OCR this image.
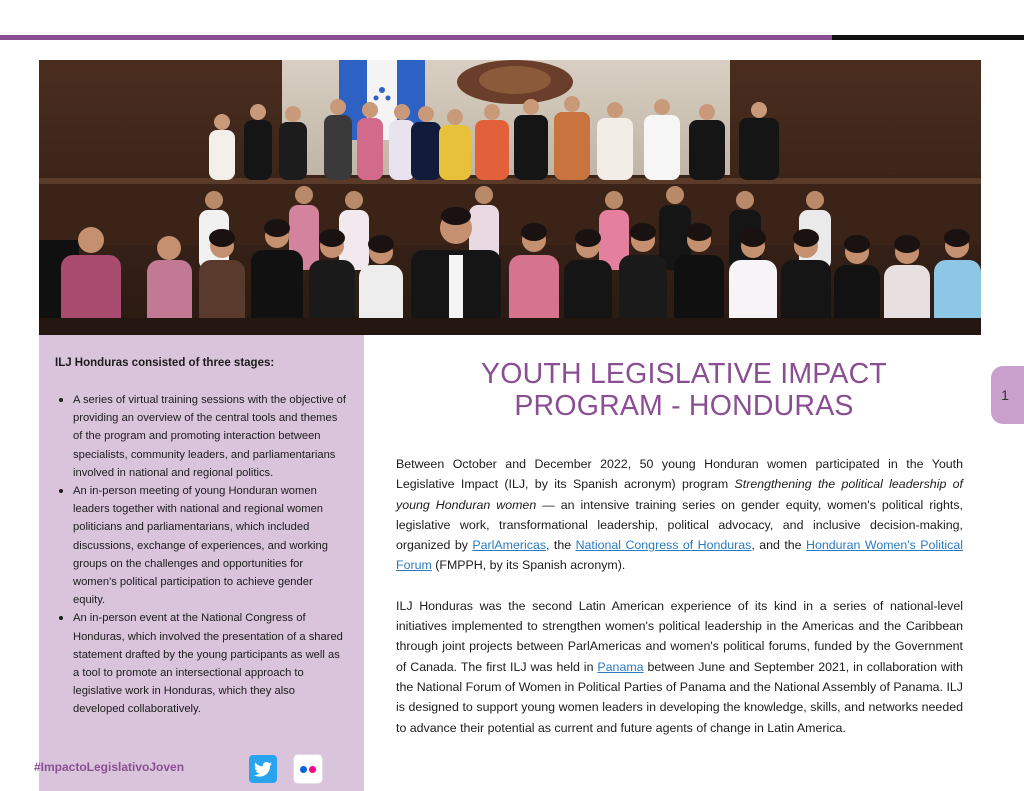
ILJ Honduras consisted of three stages:
A series of virtual training sessions with the objective of providing an overview of the central tools and themes of the program and promoting interaction between specialists, community leaders, and parliamentarians involved in national and regional politics.
An in-person meeting of young Honduran women leaders together with national and regional women politicians and parliamentarians, which included discussions, exchange of experiences, and working groups on the challenges and opportunities for women's political participation to achieve gender equity.
An in-person event at the National Congress of Honduras, which involved the presentation of a shared statement drafted by the young participants as well as a tool to promote an intersectional approach to legislative work in Honduras, which they also developed collaboratively.
#ImpactoLegislativoJoven
YOUTH LEGISLATIVE IMPACT
PROGRAM - HONDURAS

Between October and December 2022, 50 young Honduran women participated in the Youth Legislative Impact (ILJ, by its Spanish acronym) program Strengthening the political leadership of young Honduran women — an intensive training series on gender equity, women's political rights, legislative work, transformational leadership, political advocacy, and inclusive decision-making, organized by ParlAmericas, the National Congress of Honduras, and the Honduran Women's Political Forum (FMPPH, by its Spanish acronym).

ILJ Honduras was the second Latin American experience of its kind in a series of national-level initiatives implemented to strengthen women's political leadership in the Americas and the Caribbean through joint projects between ParlAmericas and women's political forums, funded by the Government of Canada. The first ILJ was held in Panama between June and September 2021, in collaboration with the National Forum of Women in Political Parties of Panama and the National Assembly of Panama. ILJ is designed to support young women leaders in developing the knowledge, skills, and networks needed to advance their potential as current and future agents of change in Latin America.

1
